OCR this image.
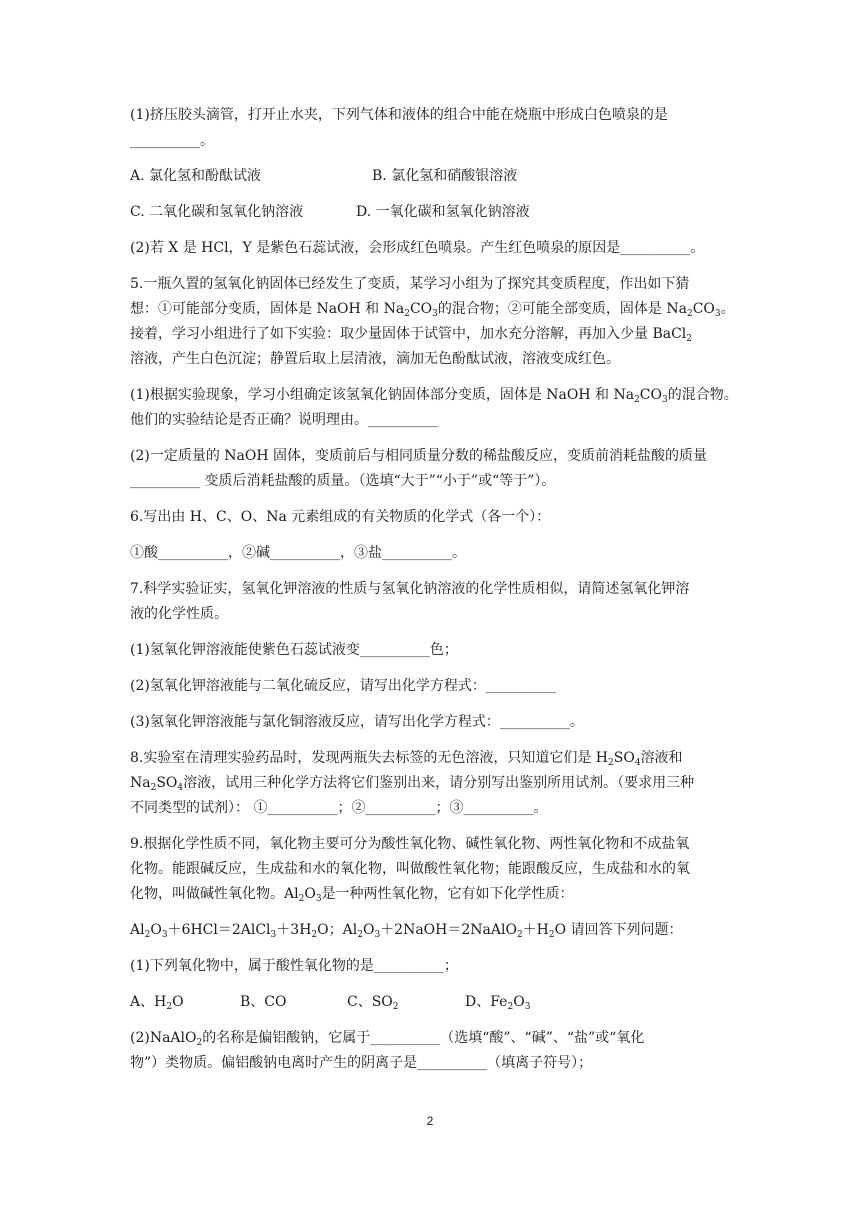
(1)挤压胶头滴管，打开止水夹，下列气体和液体的组合中能在烧瓶中形成白色喷泉的是
__________。
A. 氯化氢和酚酞试液	B. 氯化氢和硝酸银溶液
C. 二氧化碳和氢氧化钠溶液	D. 一氧化碳和氢氧化钠溶液
(2)若 X 是 HCl，Y 是紫色石蕊试液，会形成红色喷泉。产生红色喷泉的原因是__________。
5.一瓶久置的氢氧化钠固体已经发生了变质，某学习小组为了探究其变质程度，作出如下猜
想：①可能部分变质，固体是 NaOH 和 $Na_2CO_3$的混合物；②可能全部变质，固体是 $Na_2CO_3$。
接着，学习小组进行了如下实验：取少量固体于试管中，加水充分溶解，再加入少量 BaCl$_2$
溶液，产生白色沉淀；静置后取上层清液，滴加无色酚酞试液，溶液变成红色。
(1)根据实验现象，学习小组确定该氢氧化钠固体部分变质，固体是 NaOH 和 $Na_2CO_3$的混合物。
他们的实验结论是否正确？说明理由。__________
(2)一定质量的 NaOH 固体，变质前后与相同质量分数的稀盐酸反应，变质前消耗盐酸的质量
__________ 变质后消耗盐酸的质量。（选填“大于”“小于”或“等于”）。
6.写出由 H、C、O、Na 元素组成的有关物质的化学式（各一个）：
①酸__________，②碱__________，③盐__________。
7.科学实验证实，氢氧化钾溶液的性质与氢氧化钠溶液的化学性质相似，请简述氢氧化钾溶
液的化学性质。
(1)氢氧化钾溶液能使紫色石蕊试液变__________色；
(2)氢氧化钾溶液能与二氧化硫反应，请写出化学方程式：__________
(3)氢氧化钾溶液能与氯化铜溶液反应，请写出化学方程式：__________。
8.实验室在清理实验药品时，发现两瓶失去标签的无色溶液，只知道它们是 $H_2SO_4$溶液和
$Na_2SO_4$溶液，试用三种化学方法将它们鉴别出来，请分别写出鉴别所用试剂。（要求用三种
不同类型的试剂）： ①__________；②__________；③__________。
9.根据化学性质不同，氧化物主要可分为酸性氧化物、碱性氧化物、两性氧化物和不成盐氧
化物。能跟碱反应，生成盐和水的氧化物，叫做酸性氧化物；能跟酸反应，生成盐和水的氧
化物，叫做碱性氧化物。$Al_2O_3$是一种两性氧化物，它有如下化学性质：
$Al_2O_3+6HCl=2AlCl_3+3H_2O$；$Al_2O_3+2NaOH=2NaAlO_2+H_2O$ 请回答下列问题：
(1)下列氧化物中，属于酸性氧化物的是__________；
A、$H_2O$	B、CO	C、$SO_2$	D、$Fe_2O_3$
(2)NaAlO$_2$的名称是偏铝酸钠，它属于__________（选填“酸”、“碱”、“盐”或“氧化
物”）类物质。偏铝酸钠电离时产生的阴离子是__________（填离子符号）；
2
